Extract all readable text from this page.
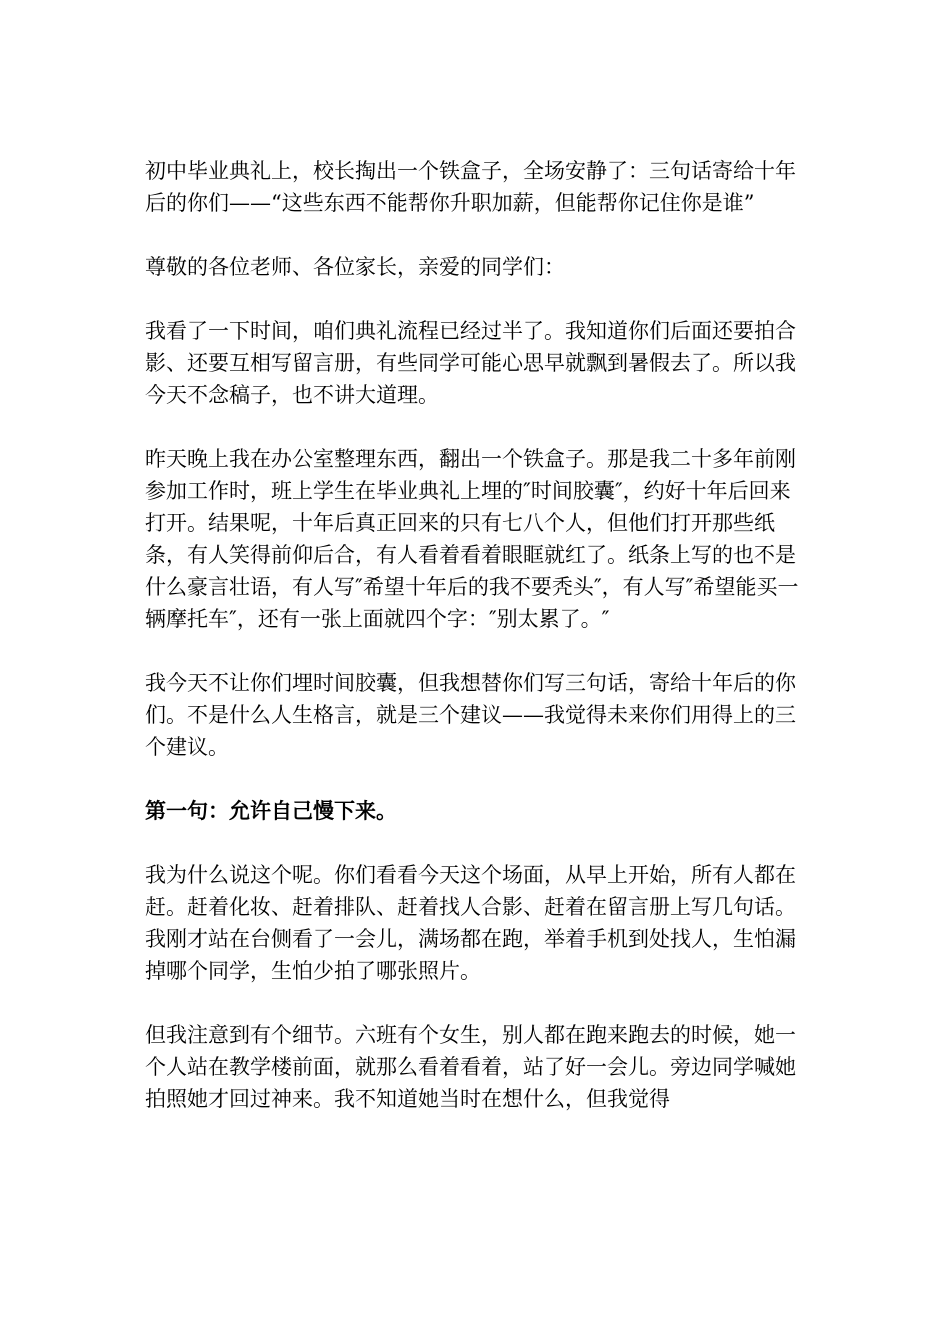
初中毕业典礼上，校长掏出一个铁盒子，全场安静了：三句话寄给十年后的你们——“这些东西不能帮你升职加薪，但能帮你记住你是谁”

尊敬的各位老师、各位家长，亲爱的同学们：

我看了一下时间，咱们典礼流程已经过半了。我知道你们后面还要拍合影、还要互相写留言册，有些同学可能心思早就飘到暑假去了。所以我今天不念稿子，也不讲大道理。

昨天晚上我在办公室整理东西，翻出一个铁盒子。那是我二十多年前刚参加工作时，班上学生在毕业典礼上埋的″时间胶囊″，约好十年后回来打开。结果呢，十年后真正回来的只有七八个人，但他们打开那些纸条，有人笑得前仰后合，有人看着看着眼眶就红了。纸条上写的也不是什么豪言壮语，有人写″希望十年后的我不要秃头″，有人写″希望能买一辆摩托车″，还有一张上面就四个字：″别太累了。″

我今天不让你们埋时间胶囊，但我想替你们写三句话，寄给十年后的你们。不是什么人生格言，就是三个建议——我觉得未来你们用得上的三个建议。

第一句：允许自己慢下来。

我为什么说这个呢。你们看看今天这个场面，从早上开始，所有人都在赶。赶着化妆、赶着排队、赶着找人合影、赶着在留言册上写几句话。我刚才站在台侧看了一会儿，满场都在跑，举着手机到处找人，生怕漏掉哪个同学，生怕少拍了哪张照片。

但我注意到有个细节。六班有个女生，别人都在跑来跑去的时候，她一个人站在教学楼前面，就那么看着看着，站了好一会儿。旁边同学喊她拍照她才回过神来。我不知道她当时在想什么，但我觉得
